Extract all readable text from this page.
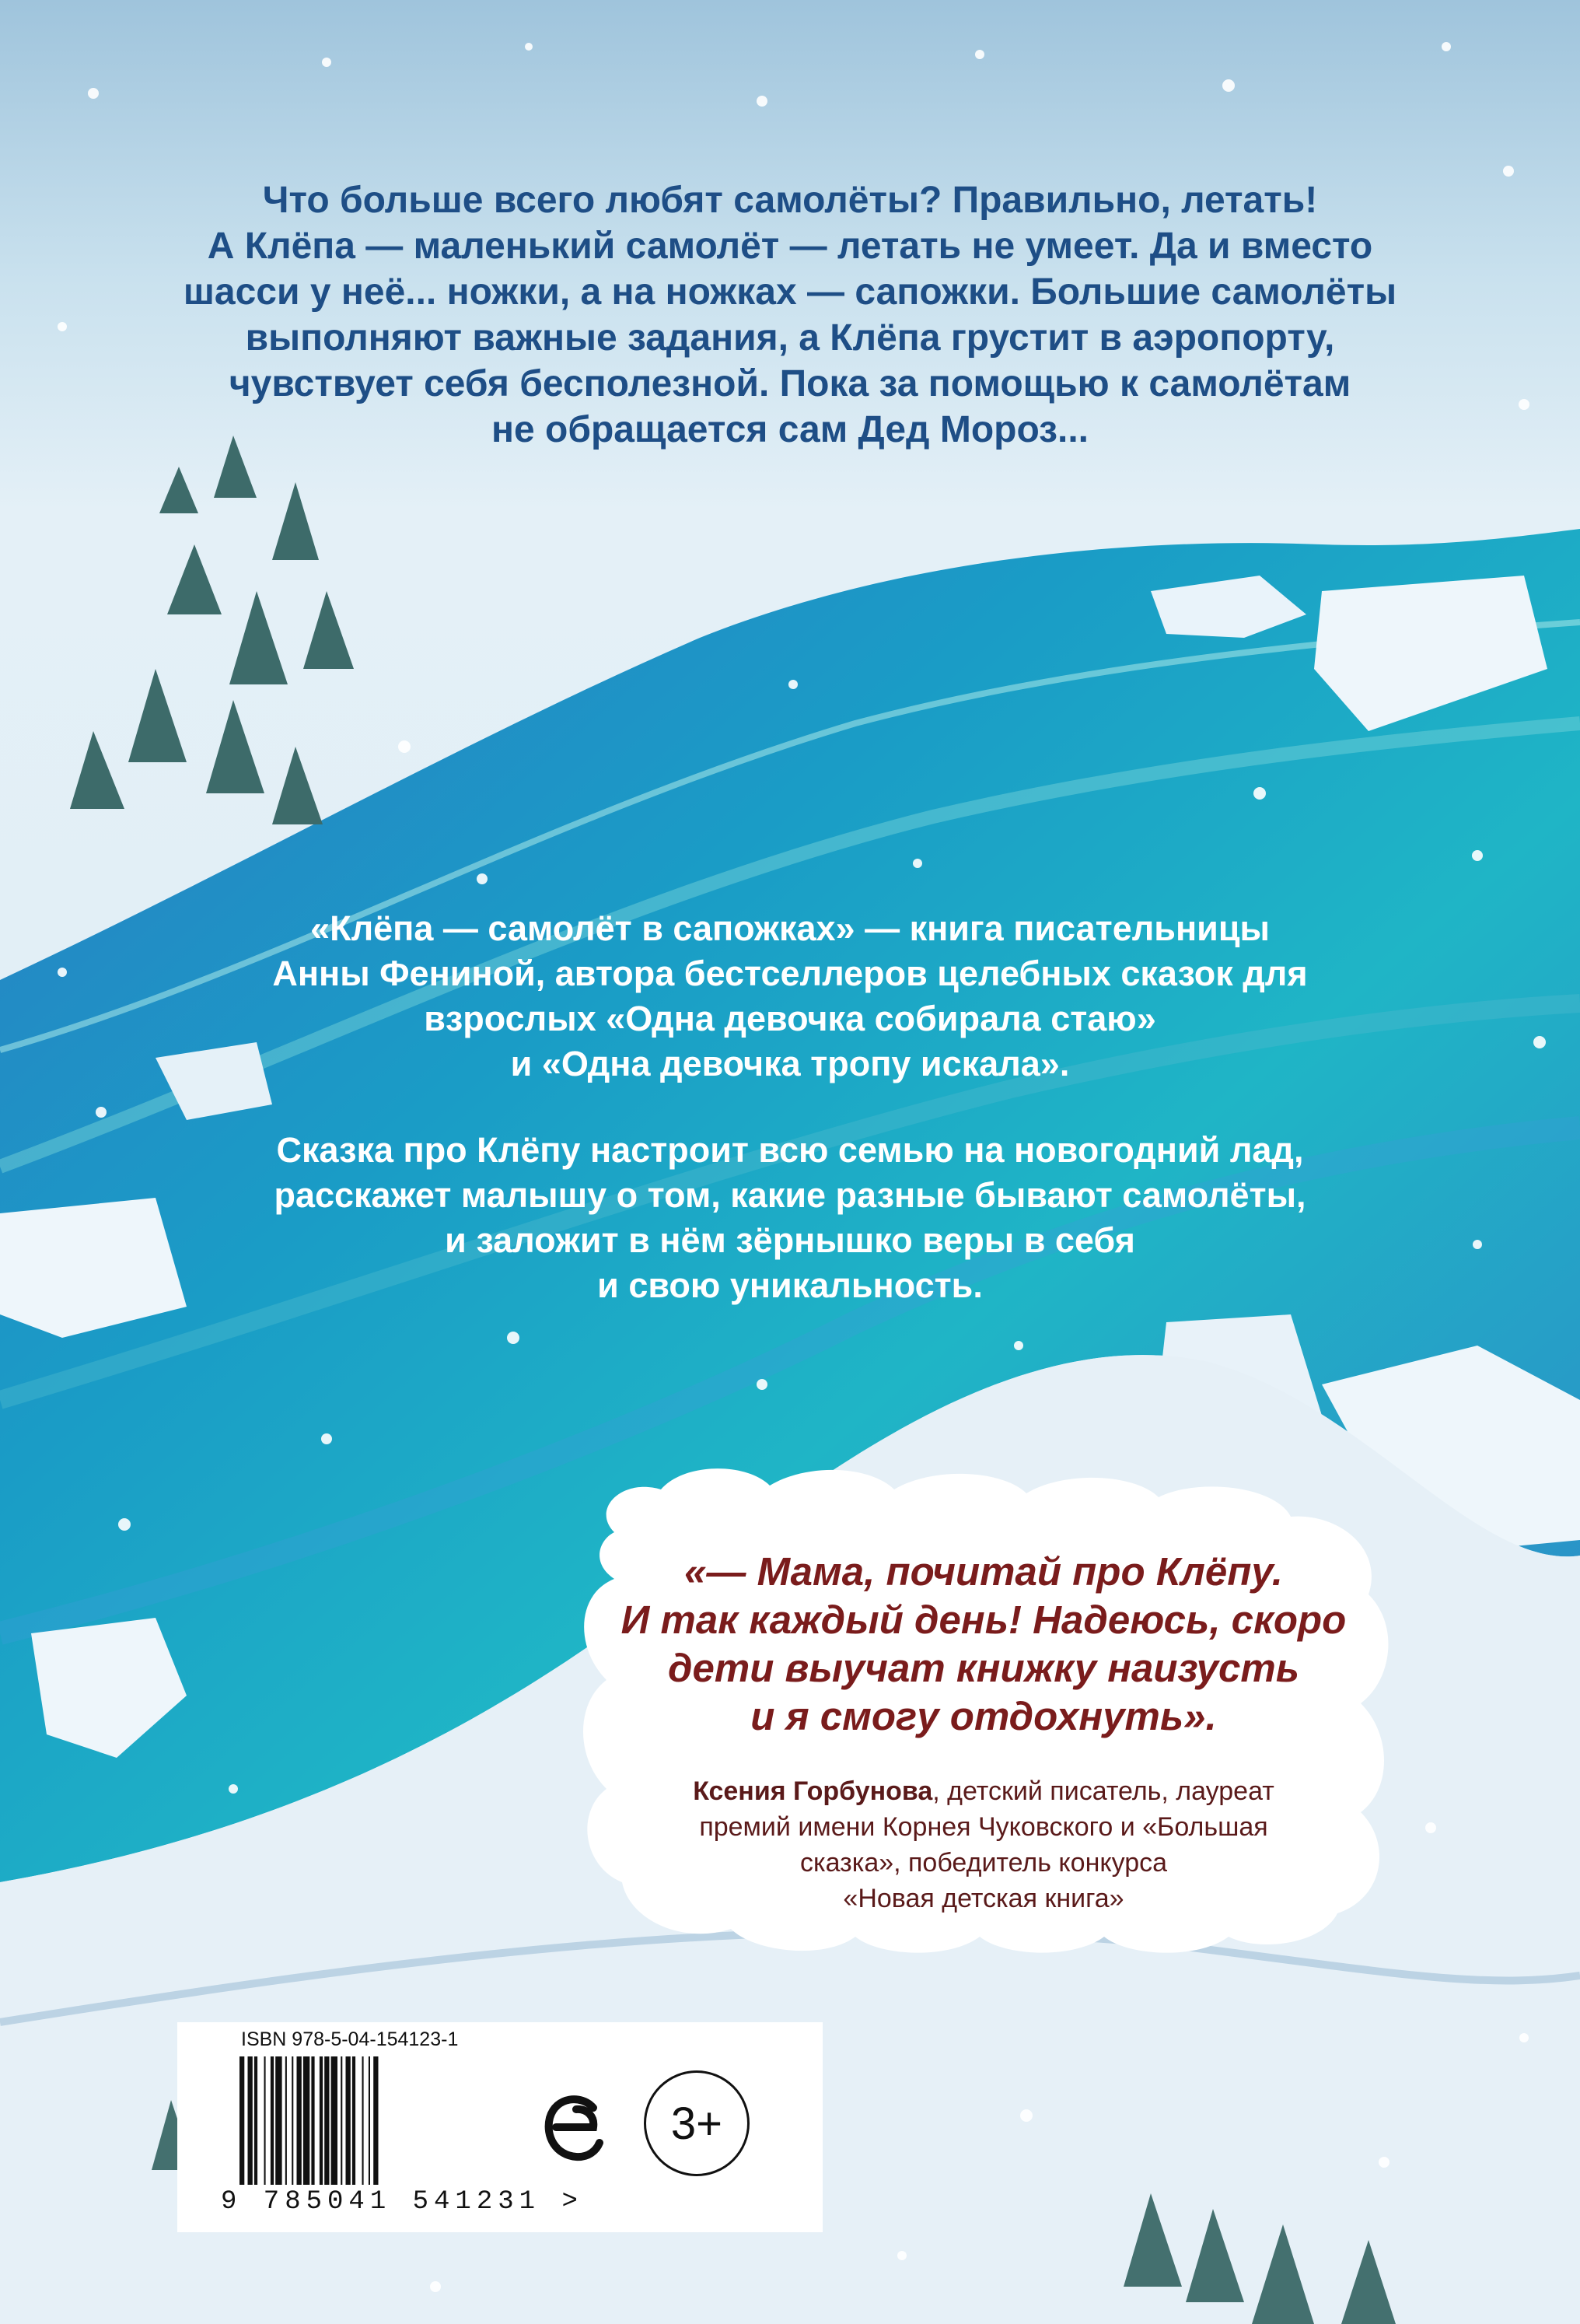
Что больше всего любят самолёты? Правильно, летать!
А Клёпа — маленький самолёт — летать не умеет. Да и вместо
шасси у неё... ножки, а на ножках — сапожки. Большие самолёты
выполняют важные задания, а Клёпа грустит в аэропорту,
чувствует себя бесполезной. Пока за помощью к самолётам
не обращается сам Дед Мороз...
«Клёпа — самолёт в сапожках» — книга писательницы
Анны Фениной, автора бестселлеров целебных сказок для
взрослых «Одна девочка собирала стаю»
и «Одна девочка тропу искала».
Сказка про Клёпу настроит всю семью на новогодний лад,
расскажет малышу о том, какие разные бывают самолёты,
и заложит в нём зёрнышко веры в себя
и свою уникальность.
«— Мама, почитай про Клёпу.
И так каждый день! Надеюсь, скоро
дети выучат книжку наизусть
и я смогу отдохнуть».
Ксения Горбунова, детский писатель, лауреат
премий имени Корнея Чуковского и «Большая
сказка», победитель конкурса
«Новая детская книга»
ISBN 978-5-04-154123-1
9 785041 541231 >
3+
